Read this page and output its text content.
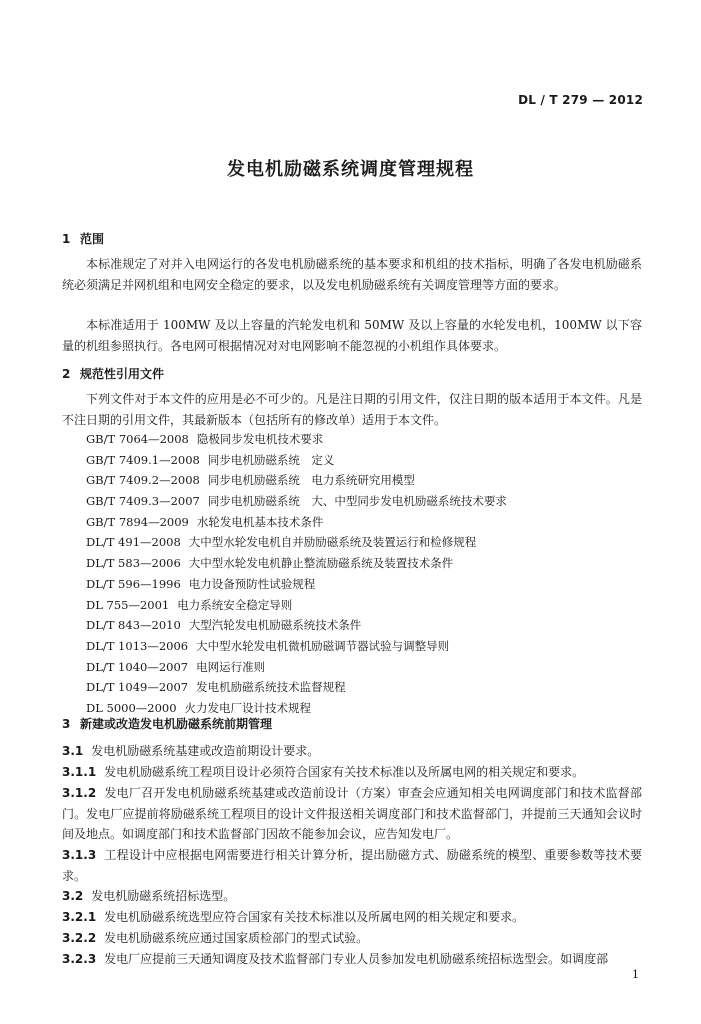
DL / T 279 — 2012
发电机励磁系统调度管理规程
1 范围
本标准规定了对并入电网运行的各发电机励磁系统的基本要求和机组的技术指标，明确了各发电机励磁系统必须满足并网机组和电网安全稳定的要求，以及发电机励磁系统有关调度管理等方面的要求。
本标准适用于 100MW 及以上容量的汽轮发电机和 50MW 及以上容量的水轮发电机，100MW 以下容量的机组参照执行。各电网可根据情况对对电网影响不能忽视的小机组作具体要求。
2 规范性引用文件
下列文件对于本文件的应用是必不可少的。凡是注日期的引用文件，仅注日期的版本适用于本文件。凡是不注日期的引用文件，其最新版本（包括所有的修改单）适用于本文件。
GB/T 7064—2008 隐极同步发电机技术要求
GB/T 7409.1—2008 同步电机励磁系统　定义
GB/T 7409.2—2008 同步电机励磁系统　电力系统研究用模型
GB/T 7409.3—2007 同步电机励磁系统　大、中型同步发电机励磁系统技术要求
GB/T 7894—2009 水轮发电机基本技术条件
DL/T 491—2008 大中型水轮发电机自并励励磁系统及装置运行和检修规程
DL/T 583—2006 大中型水轮发电机静止整流励磁系统及装置技术条件
DL/T 596—1996 电力设备预防性试验规程
DL 755—2001 电力系统安全稳定导则
DL/T 843—2010 大型汽轮发电机励磁系统技术条件
DL/T 1013—2006 大中型水轮发电机微机励磁调节器试验与调整导则
DL/T 1040—2007 电网运行准则
DL/T 1049—2007 发电机励磁系统技术监督规程
DL 5000—2000 火力发电厂设计技术规程
3 新建或改造发电机励磁系统前期管理
3.1 发电机励磁系统基建或改造前期设计要求。
3.1.1 发电机励磁系统工程项目设计必须符合国家有关技术标准以及所属电网的相关规定和要求。
3.1.2 发电厂召开发电机励磁系统基建或改造前设计（方案）审查会应通知相关电网调度部门和技术监督部门。发电厂应提前将励磁系统工程项目的设计文件报送相关调度部门和技术监督部门，并提前三天通知会议时间及地点。如调度部门和技术监督部门因故不能参加会议，应告知发电厂。
3.1.3 工程设计中应根据电网需要进行相关计算分析，提出励磁方式、励磁系统的模型、重要参数等技术要求。
3.2 发电机励磁系统招标选型。
3.2.1 发电机励磁系统选型应符合国家有关技术标准以及所属电网的相关规定和要求。
3.2.2 发电机励磁系统应通过国家质检部门的型式试验。
3.2.3 发电厂应提前三天通知调度及技术监督部门专业人员参加发电机励磁系统招标选型会。如调度部
1
